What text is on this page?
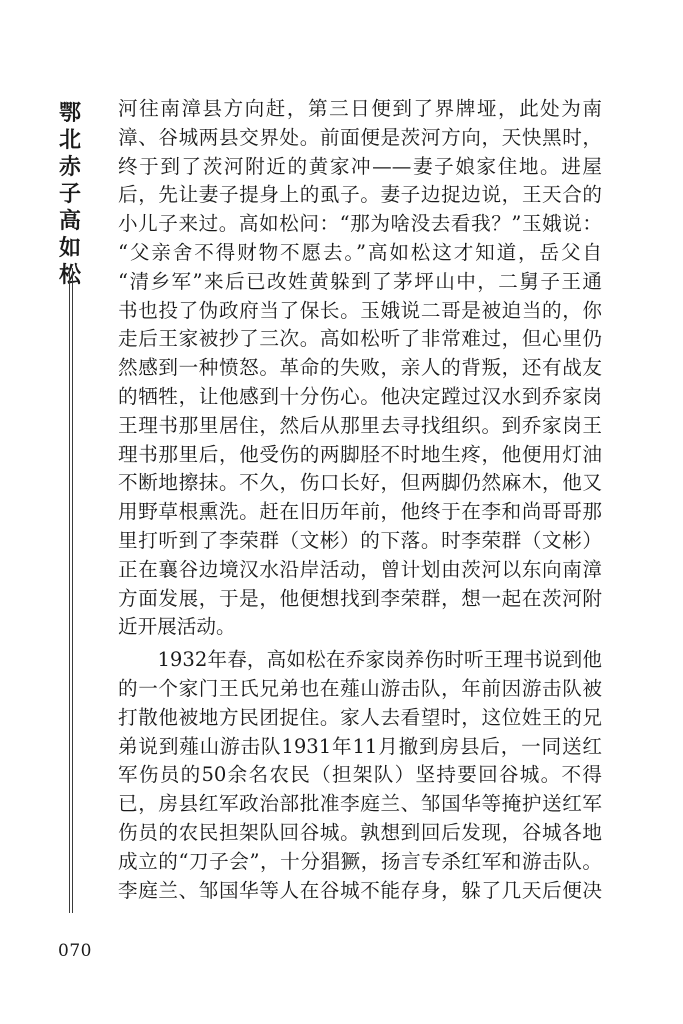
鄂
北
赤
子
高
如
松
河往南漳县方向赶，第三日便到了界牌垭，此处为南
漳、谷城两县交界处。前面便是茨河方向，天快黑时，
终于到了茨河附近的黄家冲——妻子娘家住地。进屋
后，先让妻子提身上的虱子。妻子边捉边说，王天合的
小儿子来过。高如松问：“那为啥没去看我？”玉娥说：
“父亲舍不得财物不愿去。”高如松这才知道，岳父自
“清乡军”来后已改姓黄躲到了茅坪山中，二舅子王通
书也投了伪政府当了保长。玉娥说二哥是被迫当的，你
走后王家被抄了三次。高如松听了非常难过，但心里仍
然感到一种愤怒。革命的失败，亲人的背叛，还有战友
的牺牲，让他感到十分伤心。他决定蹚过汉水到乔家岗
王理书那里居住，然后从那里去寻找组织。到乔家岗王
理书那里后，他受伤的两脚胫不时地生疼，他便用灯油
不断地擦抹。不久，伤口长好，但两脚仍然麻木，他又
用野草根熏洗。赶在旧历年前，他终于在李和尚哥哥那
里打听到了李荣群（文彬）的下落。时李荣群（文彬）
正在襄谷边境汉水沿岸活动，曾计划由茨河以东向南漳
方面发展，于是，他便想找到李荣群，想一起在茨河附
近开展活动。
　　1932年春，高如松在乔家岗养伤时听王理书说到他
的一个家门王氏兄弟也在薤山游击队，年前因游击队被
打散他被地方民团捉住。家人去看望时，这位姓王的兄
弟说到薤山游击队1931年11月撤到房县后，一同送红
军伤员的50余名农民（担架队）坚持要回谷城。不得
已，房县红军政治部批准李庭兰、邹国华等掩护送红军
伤员的农民担架队回谷城。孰想到回后发现，谷城各地
成立的“刀子会”，十分猖獗，扬言专杀红军和游击队。
李庭兰、邹国华等人在谷城不能存身，躲了几天后便决
070
